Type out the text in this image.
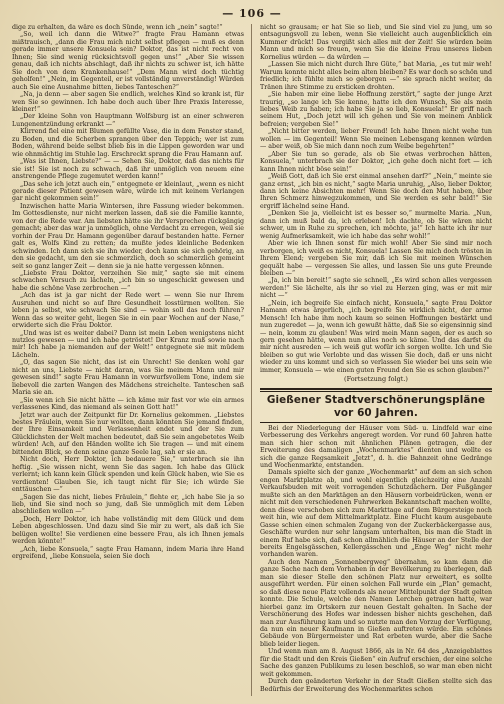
— 106 —

dige zu erhalten, da wäre es doch Sünde, wenn ich „nein“ sagte!“

„So, weil ich dann die Witwe?“ fragte Frau Hamann etwas mißtrauisch, „dann die Frau mich nicht selbst pflegen — muß es denn gerade immer unsere Konsuela sein? Doktor, das ist nicht recht von Ihnen; Sie sind wenig rücksichtsvoll gegen uns!“ „Aber Sie wissen genau, daß ich nichts abschlagt, daß ihr nichts zu schwer ist, ich hätte Sie doch von dem Krankenhause!“ „Dem Mann wird doch tüchtig geholfen!“ „Nein, im Gegenteil, er ist vollständig unverständig! Würden auch Sie eine Ausnahme bitten, liebes Tanteschen?“

„Na, ja denn — aber sagen Sie endlich, welches Kind so krank ist, für wen Sie so gewinnen. Ich habe doch auch über Ihre Praxis Interesse, kleiner!“

„Der kleine Sohn von Hauptmann Wolfsburg ist an einer schweren Lungenentzündung erkrankt —“

Klirrend fiel eine mit Blumen gefüllte Vase, die in dem Fenster stand, zu Boden, und die Scherben sprangen über den Teppich; wer ist zum Boden, während beide selbst blieb bis in die Lippen geworden war und wie ohnmächtig im Stuhle lag. Erschreckt sprang die Frau Hamann auf.

„Was ist Ihnen, Liebste?“ — — Sehen Sie, Doktor, daß das nichts für sie ist! Sie ist noch zu schwach, daß ihr unmöglich von neuem eine anstrengende Pflege zugemutet werden kann!“

„Das sehe ich jetzt auch ein,“ entgegnete er kleinlaut, „wenn es nicht gerade dieser Patient gewesen wäre, würde ich mit keinem Verlangen gar nicht gekommen sein!“

Inzwischen hatte Maria Wintersen, ihre Fassung wieder bekommen. Im Gottesdienste, nur nicht merken lassen, daß sie die Familie kannte, von der die Rede war. Am liebsten hätte sie ihr Versprechen rückgängig gemacht; aber das war ja unmöglich, ohne Verdacht zu erregen, weil sie vorhin der Frau Dr. Hamann gegenüber darauf bestanden hatte. Ferner galt es, Wolfs Kind zu retten; da mußte jedes kleinliche Bedenken schwinden. Ich dann sich sie ihn wieder, doch kann sie sich gehörig, an den sie gedacht, um den sie schmerzlich, doch so schmerzlich gemeint seit so ganz langer Zeit — denn sie ja nie hatte vergessen können.

„Liebste Frau Doktor, verzeihen Sie mir,“ sagte sie mit einem schwachen Versuch zu lächeln, „ich bin so ungeschickt gewesen und habe die schöne Vase zerbrochen —“

„Ach das ist ja gar nicht der Rede wert — wenn Sie nur Ihrem Ausruhen und nicht so auf Ihre Gesundheit losstürmen wollten. Sie leben ja selbst, wie schwach Sie sind — wohin soll das noch führen? Wenn das so weiter geht, liegen Sie in ein paar Wochen auf der Nase,“ erwiderte sich die Frau Doktor.

„Und was ist es weiter dabei? Dann ist mein Leben wenigstens nicht nutzlos gewesen — und ich habe getröstet! Der Kranz muß sowie nach mir! Ich habe ja niemanden auf der Welt!“ entgegnete sie mit müdem Lächeln.

„O, das sagen Sie nicht, das ist ein Unrecht! Sie denken wohl gar nicht an uns, Liebste — nicht daran, was Sie meinem Mann und mir gewesen sind!“ sagte Frau Hamann in vorwurfsvollem Tone, indem sie liebevoll die zarten Wangen des Mädchens streichelte. Tanteschen saß Maria sie an.

„Sie wenn ich Sie nicht hätte — ich käme mir fast vor wie ein armes verlassenes Kind, das niemand als seinen Gott hat!“

Jetzt war auch der Zeitpunkt für Dr. Kornelius gekommen. „Liebstes bestes Fräulein, wenn Sie nur wollten, dann könnten Sie jemand finden, der Ihre Einsamkeit und Verlassenheit endet und der Sie zum Glücklichsten der Welt machen bedeutet, daß Sie sein angebetetes Weib würden! Ach, auf den Händen wollte ich Sie tragen — und mit einem bittenden Blick, so denn seine ganze Seele lag, sah er sie an.

Nicht doch, Herr Doktor, ich bedauere Sie,“ unterbrach sie ihn heftig. „Sie wissen nicht, wenn Sie das sagen. Ich habe das Glück verlernt; ich kann kein Glück spenden und kein Glück haben, wie Sie es verdienten! Glauben Sie, ich taugt nicht für Sie; ich würde Sie enttäuschen —“

„Sagen Sie das nicht, liebes Fräulein,“ flehte er, „ich habe Sie ja so lieb, und Sie sind noch so jung, daß Sie unmöglich mit dem Leben abschließen wollen —“

„Doch, Herr Doktor, ich habe vollständig mit dem Glück und dem Leben abgeschlossen. Und dazu sind Sie mir zu wert, als daß ich Sie belügen wollte! Sie verdienen eine bessere Frau, als ich Ihnen jemals werden könnte!“

„Ach, liebe Konsuela,“ sagte Frau Hamann, indem Maria ihre Hand ergreifend, „liebe Konsuela, seien Sie doch

nicht so grausam; er hat Sie so lieb, und Sie sind viel zu jung, um so entsagungsvoll zu leben, wenn Sie vielleicht auch augenblicklich ein Kummer drückt! Das vergißt sich alles mit der Zeit! Sie würden beim Mann und mich so freuen, wenn Sie die kleine Frau unseres lieben Kornelius würden — da würden —

„Lassen Sie mich nicht durch Ihre Güte,“ bat Maria, „es tut mir weh! Warum konnte nicht alles beim alten bleiben? Es war doch so schön und friedlich; ich fühlte mich so geborgen —“ sie sprach nicht weiter, da Tränen ihre Stimme zu ersticken drohten.

„Sie haben mir eine liebe Hoffnung zerstört,“ sagte der junge Arzt traurig, „so lange ich Sie kenne, hatte ich den Wunsch, Sie als mein liebes Weib zu haben; ich habe Sie ja so lieb, Konsuela!“ Er griff nach seinem Hut, „Doch jetzt will ich gehen und Sie von meinem Anblick befreien; vergeben Sie!“

„Nicht bitter werden, lieber Freund! Ich habe Ihnen nicht wehe tun wollen — im Gegenteil! Wenn Sie meinen Lebensgang kennen würden — aber weiß, ob Sie mich dann noch zum Weibe begehrten!“

„Aber Sie tun so gerade, als ob Sie etwas verbrochen hätten, Konsuela,“ unterbrach sie der Doktor, „ich gehe doch nicht fort — ich kann Ihnen nicht böse sein!“

„Weiß Gott, daß ich Sie erst einmal ansehen darf?“ „Nein,“ meinte sie ganz ernst, „ich bin es nicht,“ sagte Maria unruhig, „Also, lieber Doktor, dann ich keine Absichten mehr! Wenn Sie doch den Mut haben, über Ihren Schmerz hinwegzukommen, und Sie werden es sehr bald!“ Sie ergriff lächelnd seine Hand.

„Denken Sie ja, vielleicht ist es besser so,“ murmelte Maria. „Nun, dann ich muß bald da, ich erleben! Ich dachte, ob Sie wären nicht schwer, um in Ruhe zu sprechen, ich möchte, ja!“ Ich hatte ich ihr nur wenig Aufmerksamkeit, wie ich habe das sehr wohl!“

Aber wie ich Ihnen sonst für mich wohl! Aber Sie sind mir noch verborgen, ich weiß es nicht, Konsuela! Lassen Sie mich doch trösten in Ihrem Elend; vergeben Sie mir, daß ich Sie mit meinen Wünschen gequält habe — vergessen Sie alles, und lassen Sie uns gute Freunde bleiben —“

„Ja, ich bin bereit!“ sagte sie schnell, „Es wird schon alles vergessen werden!“ Sie lächelte, als ihr so viel zu Herzen ging, was er mit mir nicht —“

„Nein, ich begreife Sie einfach nicht, Konsuela,“ sagte Frau Doktor Hamann etwas ärgerlich, „ich begreife Sie wirklich nicht, der arme Mensch! Ich habe ihm noch kaum so seinen Hoffnungen bestärkt und nun zugeredet — ja, wenn ich gewußt hätte, daß Sie so eigensinnig sind — nein, komm zu glauben! Was wird mein Mann sagen, der es auch so gern gesehen hätte, wenn nun alles noch so käme. Und das darfst du mir nicht ausreden — ich weiß gut wofür ich sorgen wollte. Ich und Sie bleiben so gut wie Verlobte und das wissen Sie doch, daß er uns nicht wieder zu uns kommt und sich so verlassen Sie wieder bei uns sein wie immer, Konsuela — wie einen guten Freund den Sie es schon glauben?“

(Fortsetzung folgt.)
Gießener Stadtverschönerungspläne vor 60 Jahren.

Bei der Niederlegung der Häuser vom Süd- u. Lindfeld war eine Verbesserung des Verkehrs angeregt worden. Vor rund 60 Jahren hatte man sich hier schon mit ähnlichen Plänen getragen, die der Erweiterung des damaligen „Wochenmarktes“ dienten und wollte es sich die ganze Regsamkeit „Jetzt“, d. h. die Bahnzeit ohne Gedränge und Wochenmarkte, entstanden.

Damals spielte sich der ganze „Wochenmarkt“ auf dem an sich schon engen Marktplatze ab, und wohl eigentlich gleichzeitig eine Anzahl Verkaufsbuden mit weit vorragenden Schutzdächern. Der Fußgänger mußte sich an den Marktägen an den Häusern vorbeidrücken, wenn er nicht mit den verschiedenen Fuhrwerken Bekanntschaft machen wollte, denn diese verschoben sich zum Markttage auf dem Bürgersteige noch weit hin, wie auf dem Mittelmarktplatz. Eine Flucht kaum ausgebaute Gasse schien einen schmalen Zugang von der Zuckerbäckergasse aus, Geschäfte wurden nur sehr langsam unterhalten, bis man die Stadt in einem Ruf habe sich, daß schon allmählich die Häuser an der Stelle der bereits Engelsgässchen, Kellergässchen und „Enge Weg“ nicht mehr vorhanden waren.

Auch den Namen „Sonnenbergweg“ übernahm, so kam dann die ganze Sache nach dem Vorhaben in der Bevölkerung zu überlegen, daß man sie dieser Stelle den schönen Platz nur erweitert, es sollte ausgeführt werden. Für einen solchen Fall wurde ein „Plan“ gemacht, so daß diese neue Platz vollends als neuer Mittelpunkt der Stadt gelten konnte. Die Schule, welche den Namen Lerchen getragen hatte, war hierbei ganz im Ortskern zur neuen Gestalt gehalten. In Sache der Verschönerung des Hofes war indessen bisher nichts geschehen, daß man zur Ausführung kam und so nutzte man den Vorzug der Verfügung, da nun ein neuer Kaufmann in Gießen auftreten würde. Ein schönes Gebäude von Bürgermeister und Rat erbeten wurde, aber die Sache blieb leider liegen.

Und wenn man am 8. August 1866, als in Nr. 64 des „Anzeigeblattes für die Stadt und den Kreis Gießen“ ein Aufruf erschien, der eine solche Sache des ganzen Publikums zu lesen beschloß, so war man eben nicht weit gekommen.

Durch den geänderten Verkehr in der Stadt Gießen stellte sich das Bedürfnis der Erweiterung des Wochenmarktes schon
